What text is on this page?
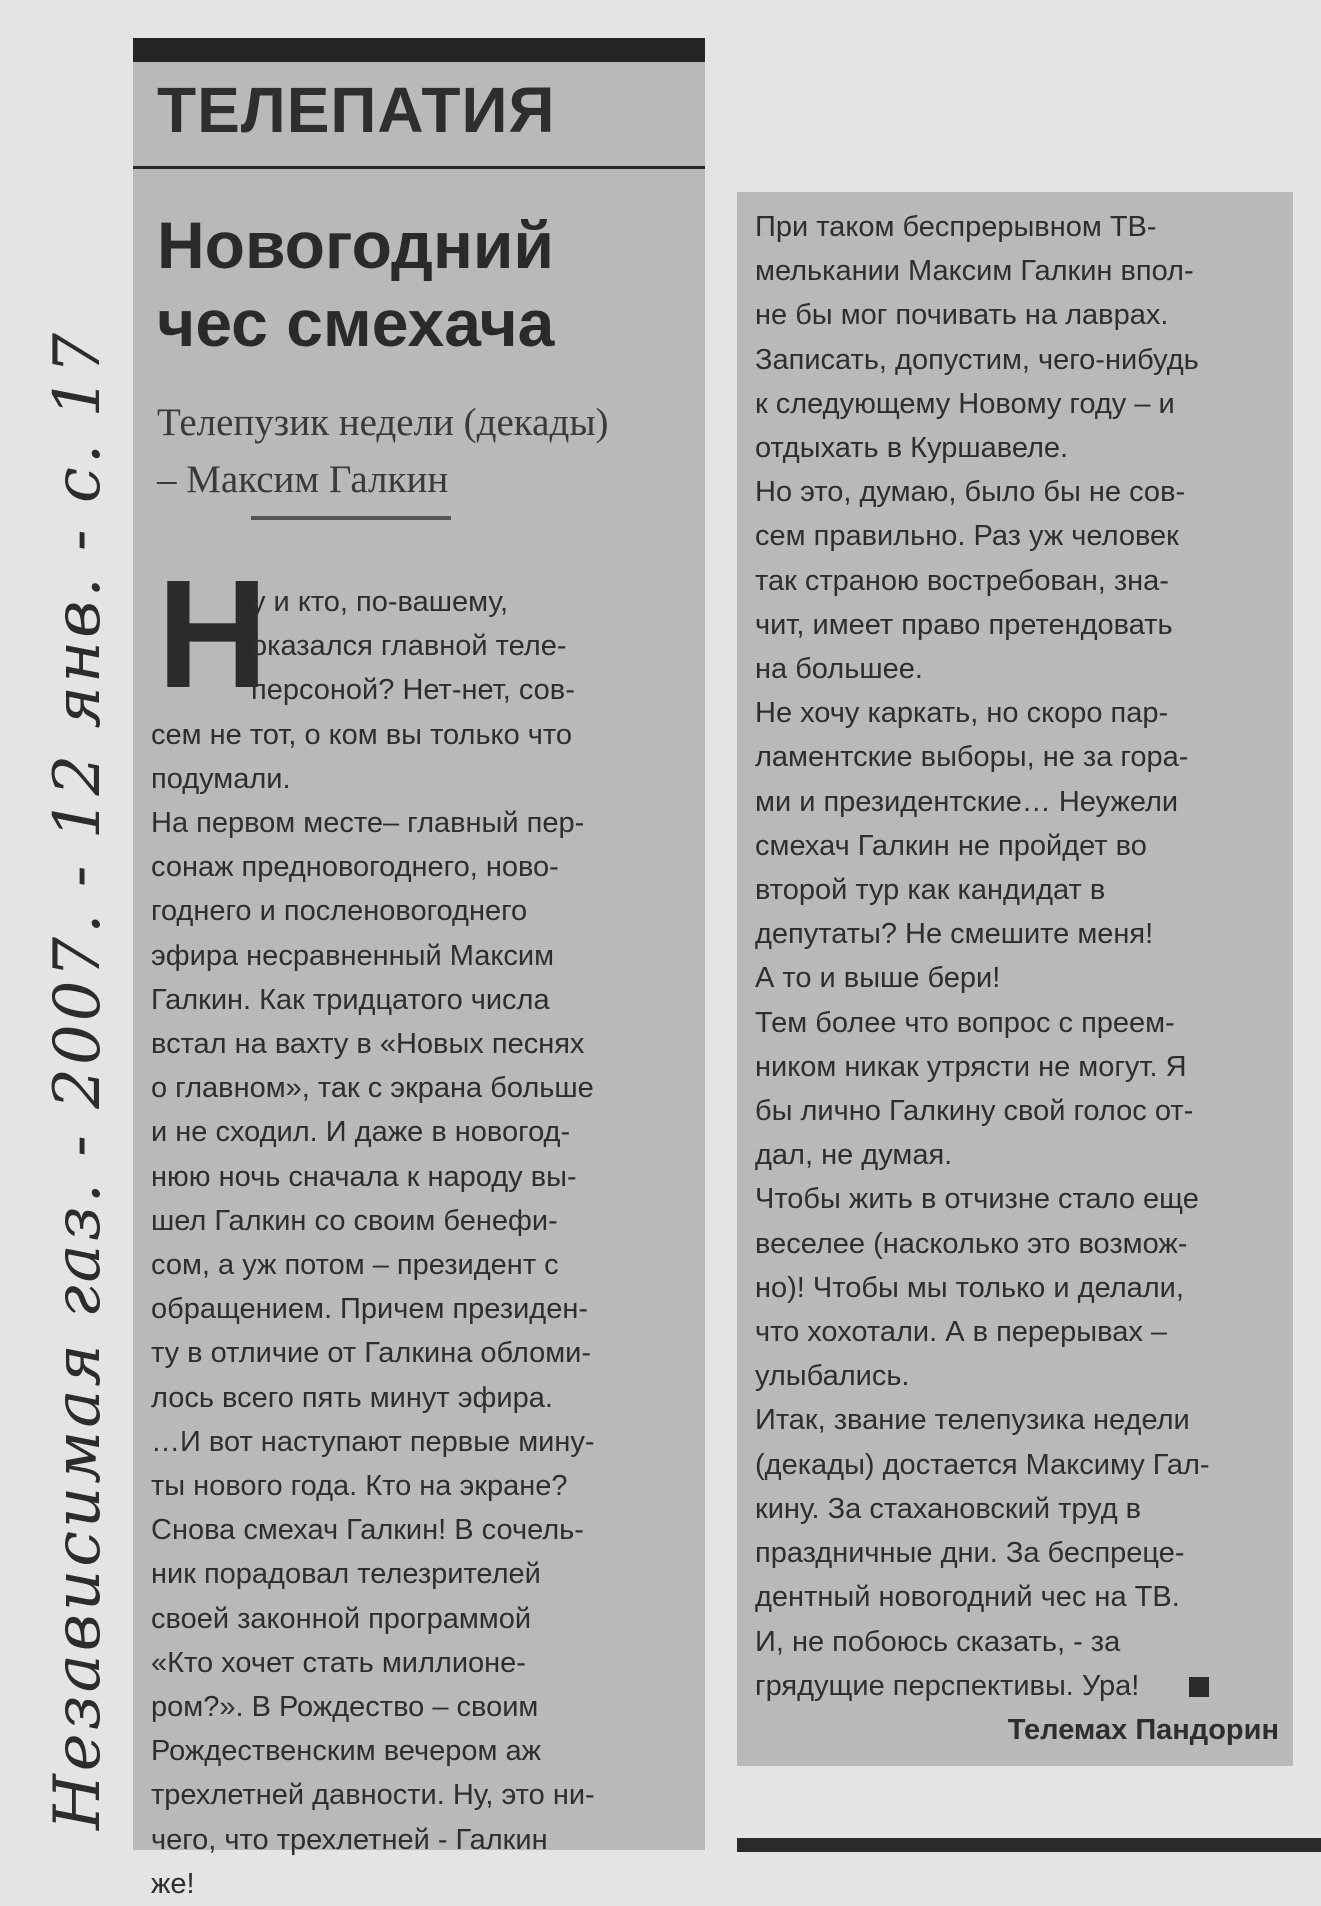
Независимая газ. - 2007. - 12 янв. - с. 17
ТЕЛЕПАТИЯ
Новогодний
чес смехача
Телепузик недели (декады)
– Максим Галкин
Н
у и кто, по-вашему,
оказался главной теле-
персоной? Нет-нет, сов-
сем не тот, о ком вы только что
подумали.
На первом месте– главный пер-
сонаж предновогоднего, ново-
годнего и посленовогоднего
эфира несравненный Максим
Галкин. Как тридцатого числа
встал на вахту в «Новых песнях
о главном», так с экрана больше
и не сходил. И даже в новогод-
нюю ночь сначала к народу вы-
шел Галкин со своим бенефи-
сом, а уж потом – президент с
обращением. Причем президен-
ту в отличие от Галкина обломи-
лось всего пять минут эфира.
…И вот наступают первые мину-
ты нового года. Кто на экране?
Снова смехач Галкин! В сочель-
ник порадовал телезрителей
своей законной программой
«Кто хочет стать миллионе-
ром?». В Рождество – своим
Рождественским вечером аж
трехлетней давности. Ну, это ни-
чего, что трехлетней - Галкин
же!
При таком беспрерывном ТВ-
мелькании Максим Галкин впол-
не бы мог почивать на лаврах.
Записать, допустим, чего-нибудь
к следующему Новому году – и
отдыхать в Куршавеле.
Но это, думаю, было бы не сов-
сем правильно. Раз уж человек
так страною востребован, зна-
чит, имеет право претендовать
на большее.
Не хочу каркать, но скоро пар-
ламентские выборы, не за гора-
ми и президентские… Неужели
смехач Галкин не пройдет во
второй тур как кандидат в
депутаты? Не смешите меня!
А то и выше бери!
Тем более что вопрос с преем-
ником никак утрясти не могут. Я
бы лично Галкину свой голос от-
дал, не думая.
Чтобы жить в отчизне стало еще
веселее (насколько это возмож-
но)! Чтобы мы только и делали,
что хохотали. А в перерывах –
улыбались.
Итак, звание телепузика недели
(декады) достается Максиму Гал-
кину. За стахановский труд в
праздничные дни. За беспреце-
дентный новогодний чес на ТВ.
И, не побоюсь сказать, - за
грядущие перспективы. Ура!
Телемах Пандорин
